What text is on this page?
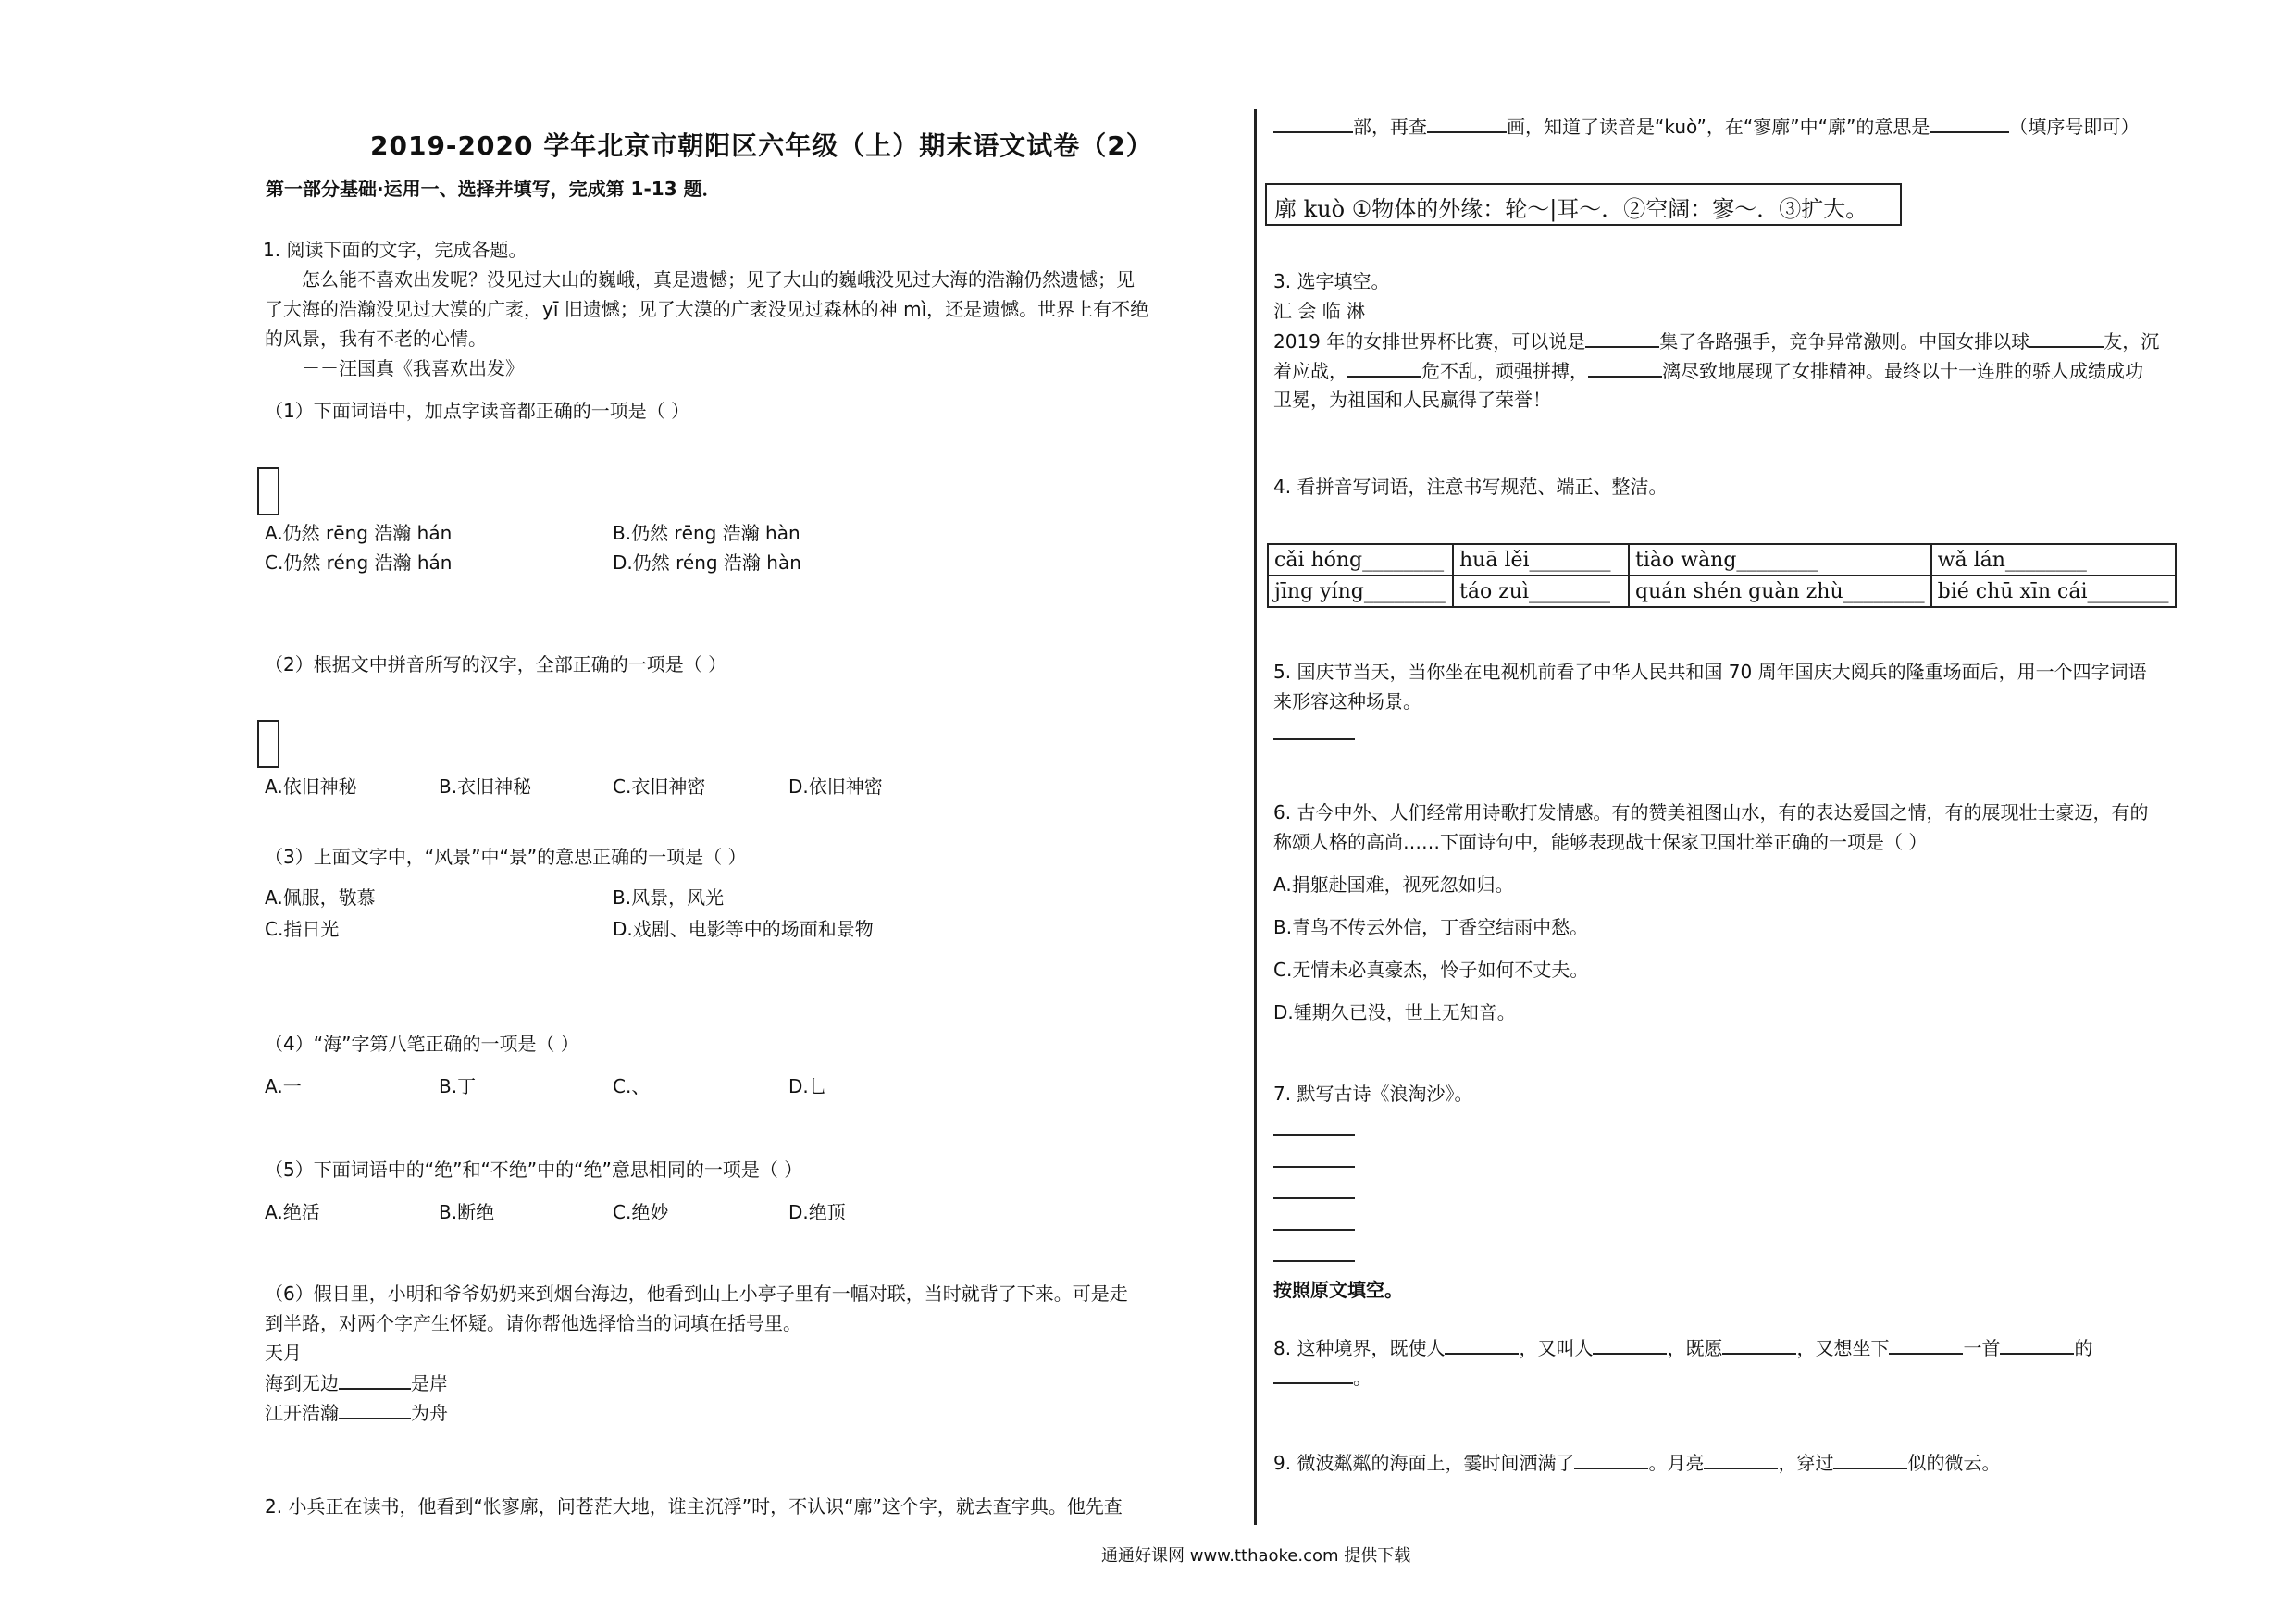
2019-2020 学年北京市朝阳区六年级（上）期末语文试卷（2）
第一部分基础·运用一、选择并填写，完成第 1-13 题．
1. 阅读下面的文字，完成各题。
怎么能不喜欢出发呢？没见过大山的巍峨，真是遗憾；见了大山的巍峨没见过大海的浩瀚仍然遗憾；见
了大海的浩瀚没见过大漠的广袤，yī 旧遗憾；见了大漠的广袤没见过森林的神 mì，还是遗憾。世界上有不绝
的风景，我有不老的心情。
－－汪国真《我喜欢出发》
（1）下面词语中，加点字读音都正确的一项是（ ）
A.仍然 rēng 浩瀚 hán	B.仍然 rēng 浩瀚 hàn
C.仍然 réng 浩瀚 hán	D.仍然 réng 浩瀚 hàn
（2）根据文中拼音所写的汉字，全部正确的一项是（ ）
A.依旧神秘	B.衣旧神秘	C.衣旧神密	D.依旧神密
（3）上面文字中，“风景”中“景”的意思正确的一项是（ ）
A.佩服，敬慕	B.风景，风光
C.指日光	D.戏剧、电影等中的场面和景物
（4）“海”字第八笔正确的一项是（ ）
A.一	B.丁	C.、	D.乚
（5）下面词语中的“绝”和“不绝”中的“绝”意思相同的一项是（ ）
A.绝活	B.断绝	C.绝妙	D.绝顶
（6）假日里，小明和爷爷奶奶来到烟台海边，他看到山上小亭子里有一幅对联，当时就背了下来。可是走
到半路，对两个字产生怀疑。请你帮他选择恰当的词填在括号里。
天月
海到无边	是岸
江开浩瀚	为舟
2. 小兵正在读书，他看到“怅寥廓，问苍茫大地，谁主沉浮”时，不认识“廓”这个字，就去查字典。他先查
部，再查	画，知道了读音是“kuò”，在“寥廓”中“廓”的意思是	（填序号即可）
廓 kuò ①物体的外缘：轮～|耳～．②空阔：寥～．③扩大。
3. 选字填空。
汇 会 临 淋
2019 年的女排世界杯比赛，可以说是	集了各路强手，竞争异常激则。中国女排以球	友，沉
着应战，	危不乱，顽强拼搏，	漓尽致地展现了女排精神。最终以十一连胜的骄人成绩成功
卫冕，为祖国和人民赢得了荣誉！
4. 看拼音写词语，注意书写规范、端正、整洁。
cǎi hóng________	huā lěi________	tiào wàng________	wǎ lán________
jīng yíng________	táo zuì________	quán shén guàn zhù________	bié chū xīn cái________
5. 国庆节当天，当你坐在电视机前看了中华人民共和国 70 周年国庆大阅兵的隆重场面后，用一个四字词语
来形容这种场景。
6. 古今中外、人们经常用诗歌打发情感。有的赞美祖图山水，有的表达爱国之情，有的展现壮士豪迈，有的
称颂人格的高尚……下面诗句中，能够表现战士保家卫国壮举正确的一项是（ ）
A.捐躯赴国难，视死忽如归。
B.青鸟不传云外信，丁香空结雨中愁。
C.无情未必真豪杰，怜子如何不丈夫。
D.锺期久已没，世上无知音。
7. 默写古诗《浪淘沙》。
按照原文填空。
8. 这种境界，既使人	，又叫人	，既愿	，又想坐下	一首	的
。
9. 微波粼粼的海面上，霎时间洒满了	。月亮	，穿过	似的微云。
通通好课网 www.tthaoke.com 提供下载
